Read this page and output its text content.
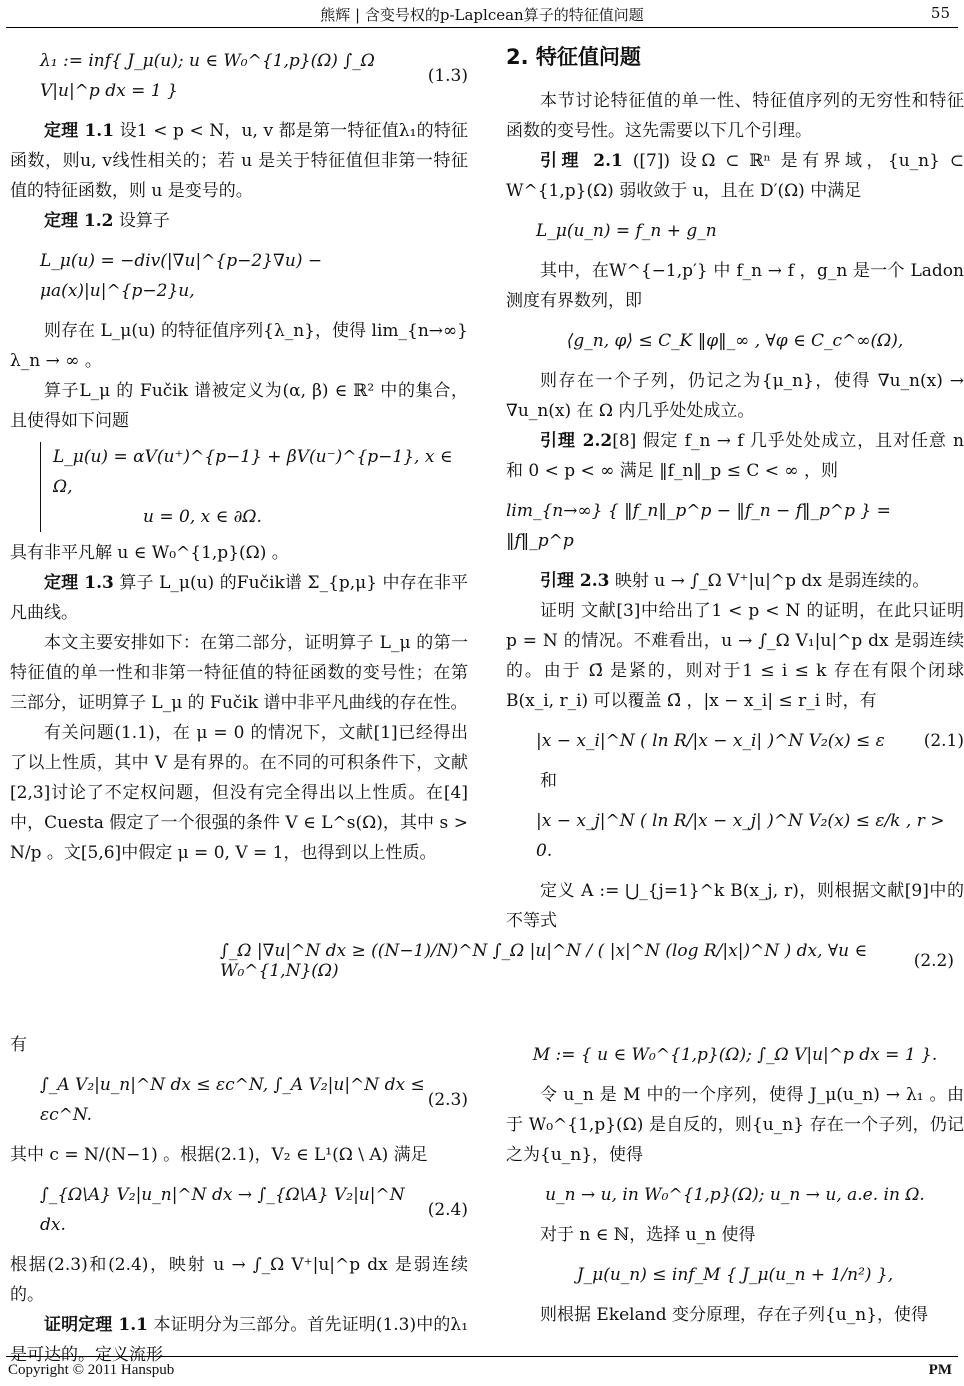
熊辉 | 含变号权的p-Laplcean算子的特征值问题	55
λ₁ := inf{ J_μ(u); u ∈ W₀^{1,p}(Ω) ∫_Ω V|u|^p dx = 1 }
(1.3)

定理 1.1 设1 < p < N，u, v 都是第一特征值λ₁的特征函数，则u, v线性相关的；若 u 是关于特征值但非第一特征值的特征函数，则 u 是变号的。

定理 1.2 设算子

L_μ(u) = −div(|∇u|^{p−2}∇u) − μa(x)|u|^{p−2}u,

则存在 L_μ(u) 的特征值序列{λ_n}，使得 lim_{n→∞} λ_n → ∞ 。

算子L_μ 的 Fučik 谱被定义为(α, β) ∈ ℝ² 中的集合，且使得如下问题

L_μ(u) = αV(u⁺)^{p−1} + βV(u⁻)^{p−1}, x ∈ Ω,
u = 0, x ∈ ∂Ω.

具有非平凡解 u ∈ W₀^{1,p}(Ω) 。

定理 1.3 算子 L_μ(u) 的Fučik谱 Σ_{p,μ} 中存在非平凡曲线。

本文主要安排如下：在第二部分，证明算子 L_μ 的第一特征值的单一性和非第一特征值的特征函数的变号性；在第三部分，证明算子 L_μ 的 Fučik 谱中非平凡曲线的存在性。

有关问题(1.1)，在 μ = 0 的情况下，文献[1]已经得出了以上性质，其中 V 是有界的。在不同的可积条件下，文献[2,3]讨论了不定权问题，但没有完全得出以上性质。在[4]中，Cuesta 假定了一个很强的条件 V ∈ L^s(Ω)，其中 s > N/p 。文[5,6]中假定 μ = 0, V = 1，也得到以上性质。

∫_Ω |∇u|^N dx ≥ ((N−1)/N)^N ∫_Ω |u|^N / ( |x|^N (log R/|x|)^N ) dx, ∀u ∈ W₀^{1,N}(Ω)	(2.2)

有

∫_A V₂|u_n|^N dx ≤ εc^N, ∫_A V₂|u|^N dx ≤ εc^N.
(2.3)

其中 c = N/(N−1) 。根据(2.1)，V₂ ∈ L¹(Ω \ A) 满足

∫_{Ω\A} V₂|u_n|^N dx → ∫_{Ω\A} V₂|u|^N dx.
(2.4)

根据(2.3)和(2.4)，映射 u → ∫_Ω V⁺|u|^p dx 是弱连续的。

证明定理 1.1 本证明分为三部分。首先证明(1.3)中的λ₁是可达的。定义流形

2. 特征值问题

本节讨论特征值的单一性、特征值序列的无穷性和特征函数的变号性。这先需要以下几个引理。

引理 2.1 ([7]) 设Ω ⊂ ℝⁿ 是有界域，{u_n} ⊂ W^{1,p}(Ω) 弱收敛于 u，且在 D′(Ω) 中满足

L_μ(u_n) = f_n + g_n

其中，在W^{−1,p′} 中 f_n → f ，g_n 是一个 Ladon 测度有界数列，即

⟨g_n, φ⟩ ≤ C_K ‖φ‖_∞ , ∀φ ∈ C_c^∞(Ω),

则存在一个子列，仍记之为{μ_n}，使得 ∇u_n(x) → ∇u_n(x) 在 Ω 内几乎处处成立。

引理 2.2[8] 假定 f_n → f 几乎处处成立，且对任意 n 和 0 < p < ∞ 满足 ‖f_n‖_p ≤ C < ∞ ，则

lim_{n→∞} { ‖f_n‖_p^p − ‖f_n − f‖_p^p } = ‖f‖_p^p

引理 2.3 映射 u → ∫_Ω V⁺|u|^p dx 是弱连续的。

证明 文献[3]中给出了1 < p < N 的证明，在此只证明 p = N 的情况。不难看出，u → ∫_Ω V₁|u|^p dx 是弱连续的。由于 Ω̄ 是紧的，则对于1 ≤ i ≤ k 存在有限个闭球B(x_i, r_i) 可以覆盖 Ω̄ ，|x − x_i| ≤ r_i 时，有

|x − x_i|^N ( ln R/|x − x_i| )^N V₂(x) ≤ ε (2.1)

和

|x − x_j|^N ( ln R/|x − x_j| )^N V₂(x) ≤ ε/k , r > 0.

定义 A := ⋃_{j=1}^k B(x_j, r)，则根据文献[9]中的不等式

M := { u ∈ W₀^{1,p}(Ω); ∫_Ω V|u|^p dx = 1 }.

令 u_n 是 M 中的一个序列，使得 J_μ(u_n) → λ₁ 。由于 W₀^{1,p}(Ω) 是自反的，则{u_n} 存在一个子列，仍记之为{u_n}，使得

u_n → u, in W₀^{1,p}(Ω); u_n → u, a.e. in Ω.

对于 n ∈ ℕ，选择 u_n 使得

J_μ(u_n) ≤ inf_M { J_μ(u_n + 1/n²) },

则根据 Ekeland 变分原理，存在子列{u_n}，使得

Copyright © 2011 Hanspub	PM
